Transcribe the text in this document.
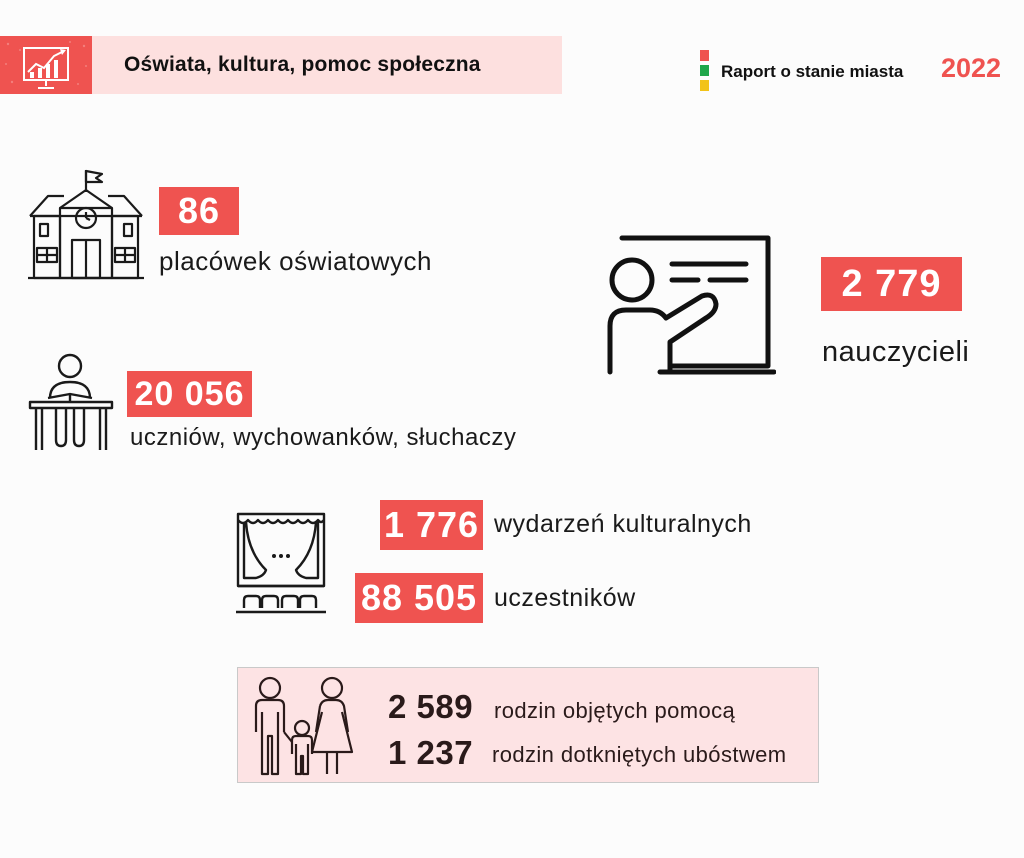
Oświata, kultura, pomoc społeczna	Raport o stanie miasta 2022
86
placówek oświatowych
2 779
nauczycieli
20 056
uczniów, wychowanków, słuchaczy
1 776 wydarzeń kulturalnych
88 505 uczestników
2 589 rodzin objętych pomocą
1 237 rodzin dotkniętych ubóstwem
